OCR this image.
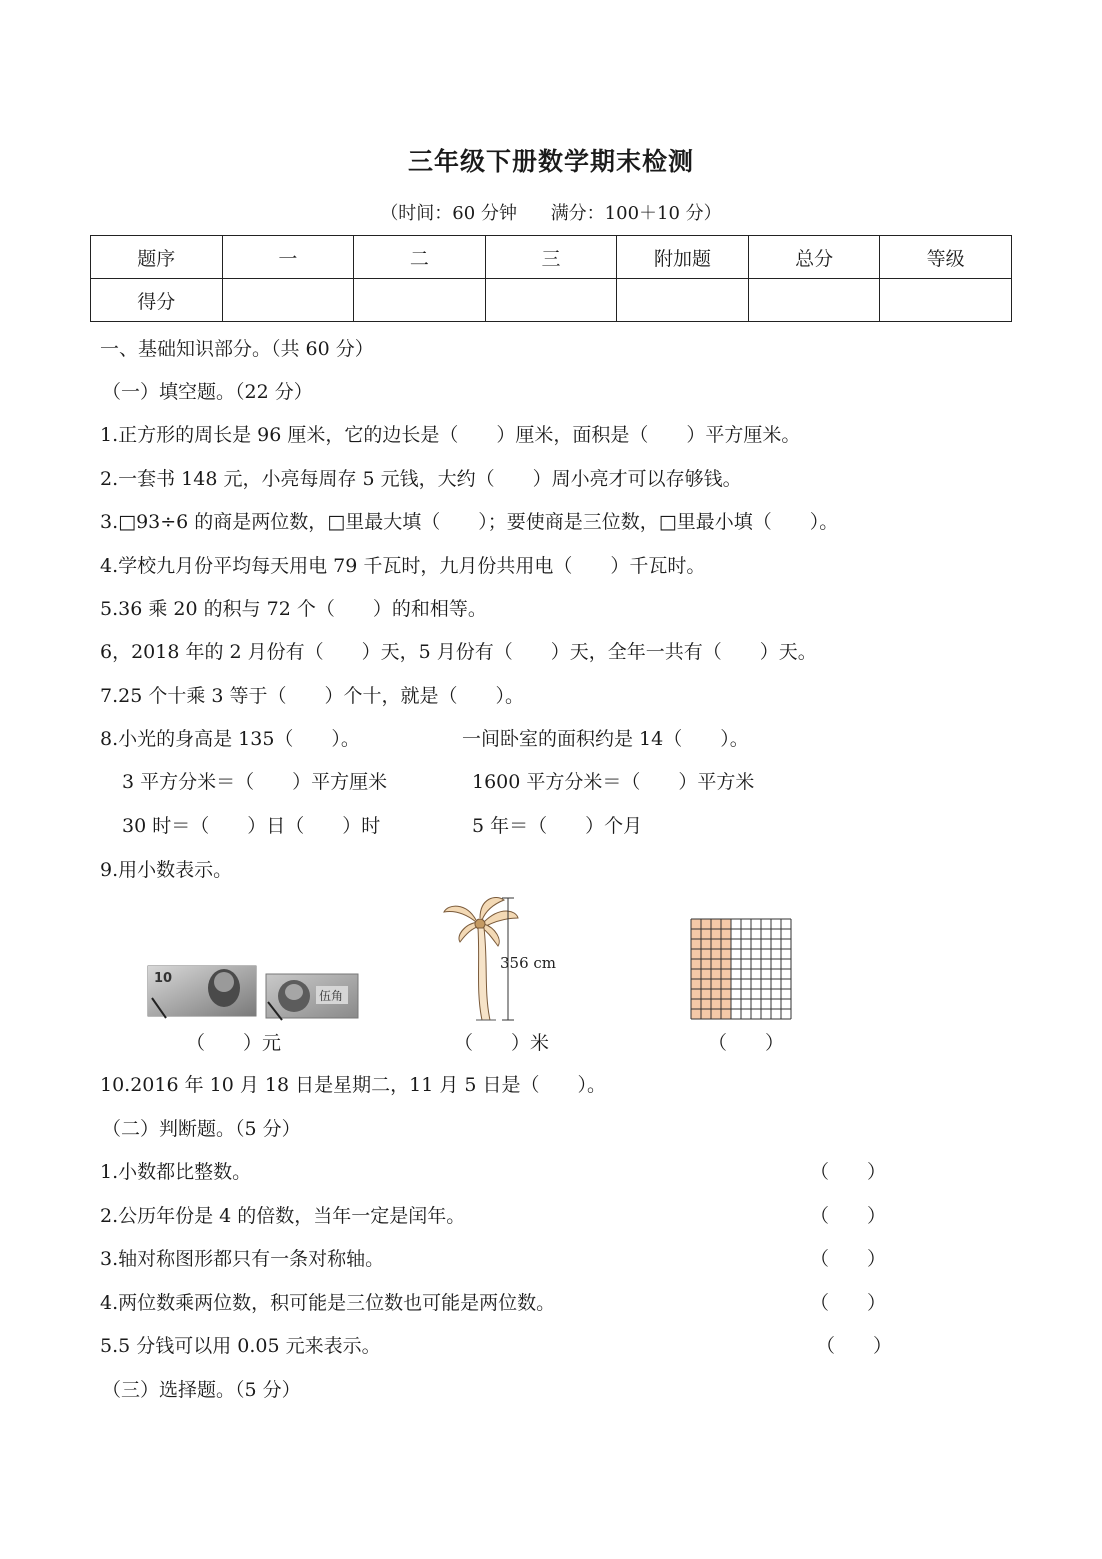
三年级下册数学期末检测
（时间：60 分钟 满分：100＋10 分）
题序	一	二	三	附加题	总分	等级
得分						
一、基础知识部分。（共 60 分）
（一）填空题。（22 分）
1.正方形的周长是 96 厘米，它的边长是（　　）厘米，面积是（　　）平方厘米。
2.一套书 148 元，小亮每周存 5 元钱，大约（　　）周小亮才可以存够钱。
3.□93÷6 的商是两位数，□里最大填（　　）；要使商是三位数，□里最小填（　　）。
4.学校九月份平均每天用电 79 千瓦时，九月份共用电（　　）千瓦时。
5.36 乘 20 的积与 72 个（　　）的和相等。
6，2018 年的 2 月份有（　　）天，5 月份有（　　）天，全年一共有（　　）天。
7.25 个十乘 3 等于（　　）个十，就是（　　）。
8.小光的身高是 135（　　）。	一间卧室的面积约是 14（　　）。
3 平方分米＝（　　）平方厘米	1600 平方分米＝（　　）平方米
30 时＝（　　）日（　　）时	5 年＝（　　）个月
9.用小数表示。
10
伍角
（　　）元
356 cm
（　　）米	（　　）
10.2016 年 10 月 18 日是星期二，11 月 5 日是（　　）。
（二）判断题。（5 分）
1.小数都比整数。	（　　）
2.公历年份是 4 的倍数，当年一定是闰年。	（　　）
3.轴对称图形都只有一条对称轴。	（　　）
4.两位数乘两位数，积可能是三位数也可能是两位数。	（　　）
5.5 分钱可以用 0.05 元来表示。	（　　）
（三）选择题。（5 分）
